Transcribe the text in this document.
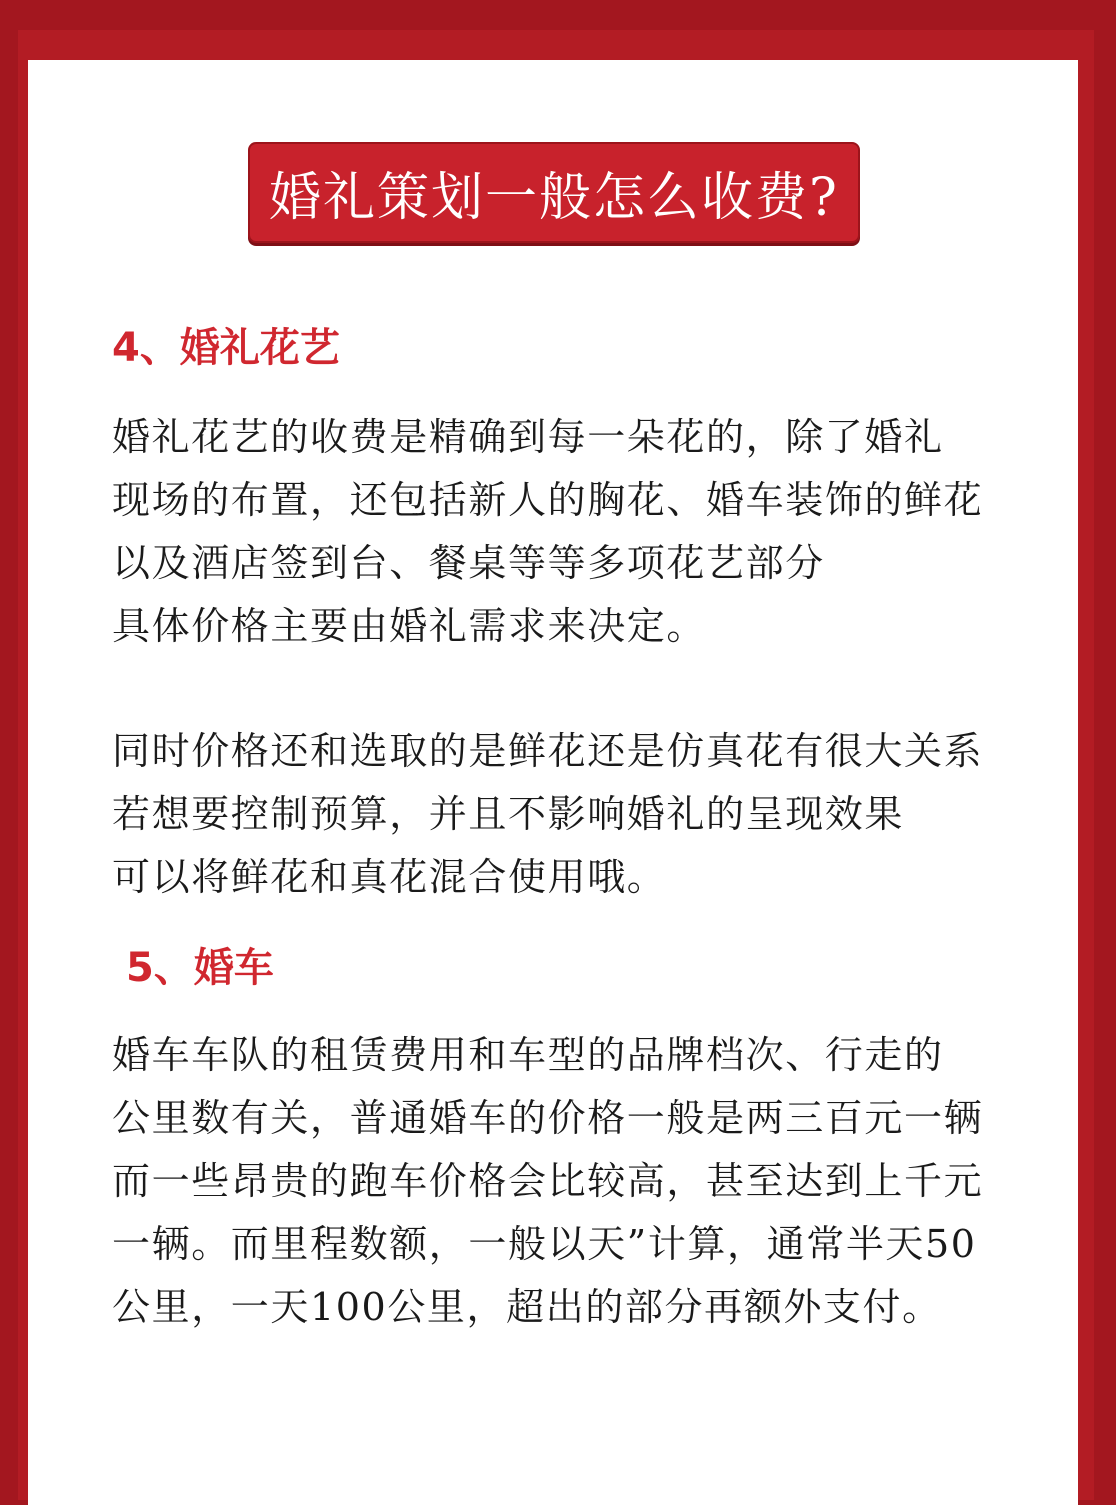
婚礼策划一般怎么收费?
4、婚礼花艺
婚礼花艺的收费是精确到每一朵花的，除了婚礼
现场的布置，还包括新人的胸花、婚车装饰的鲜花
以及酒店签到台、餐桌等等多项花艺部分
具体价格主要由婚礼需求来决定。
同时价格还和选取的是鲜花还是仿真花有很大关系
若想要控制预算，并且不影响婚礼的呈现效果
可以将鲜花和真花混合使用哦。
5、婚车
婚车车队的租赁费用和车型的品牌档次、行走的
公里数有关，普通婚车的价格一般是两三百元一辆
而一些昂贵的跑车价格会比较高，甚至达到上千元
一辆。而里程数额，一般以天”计算，通常半天50
公里，一天100公里，超出的部分再额外支付。
